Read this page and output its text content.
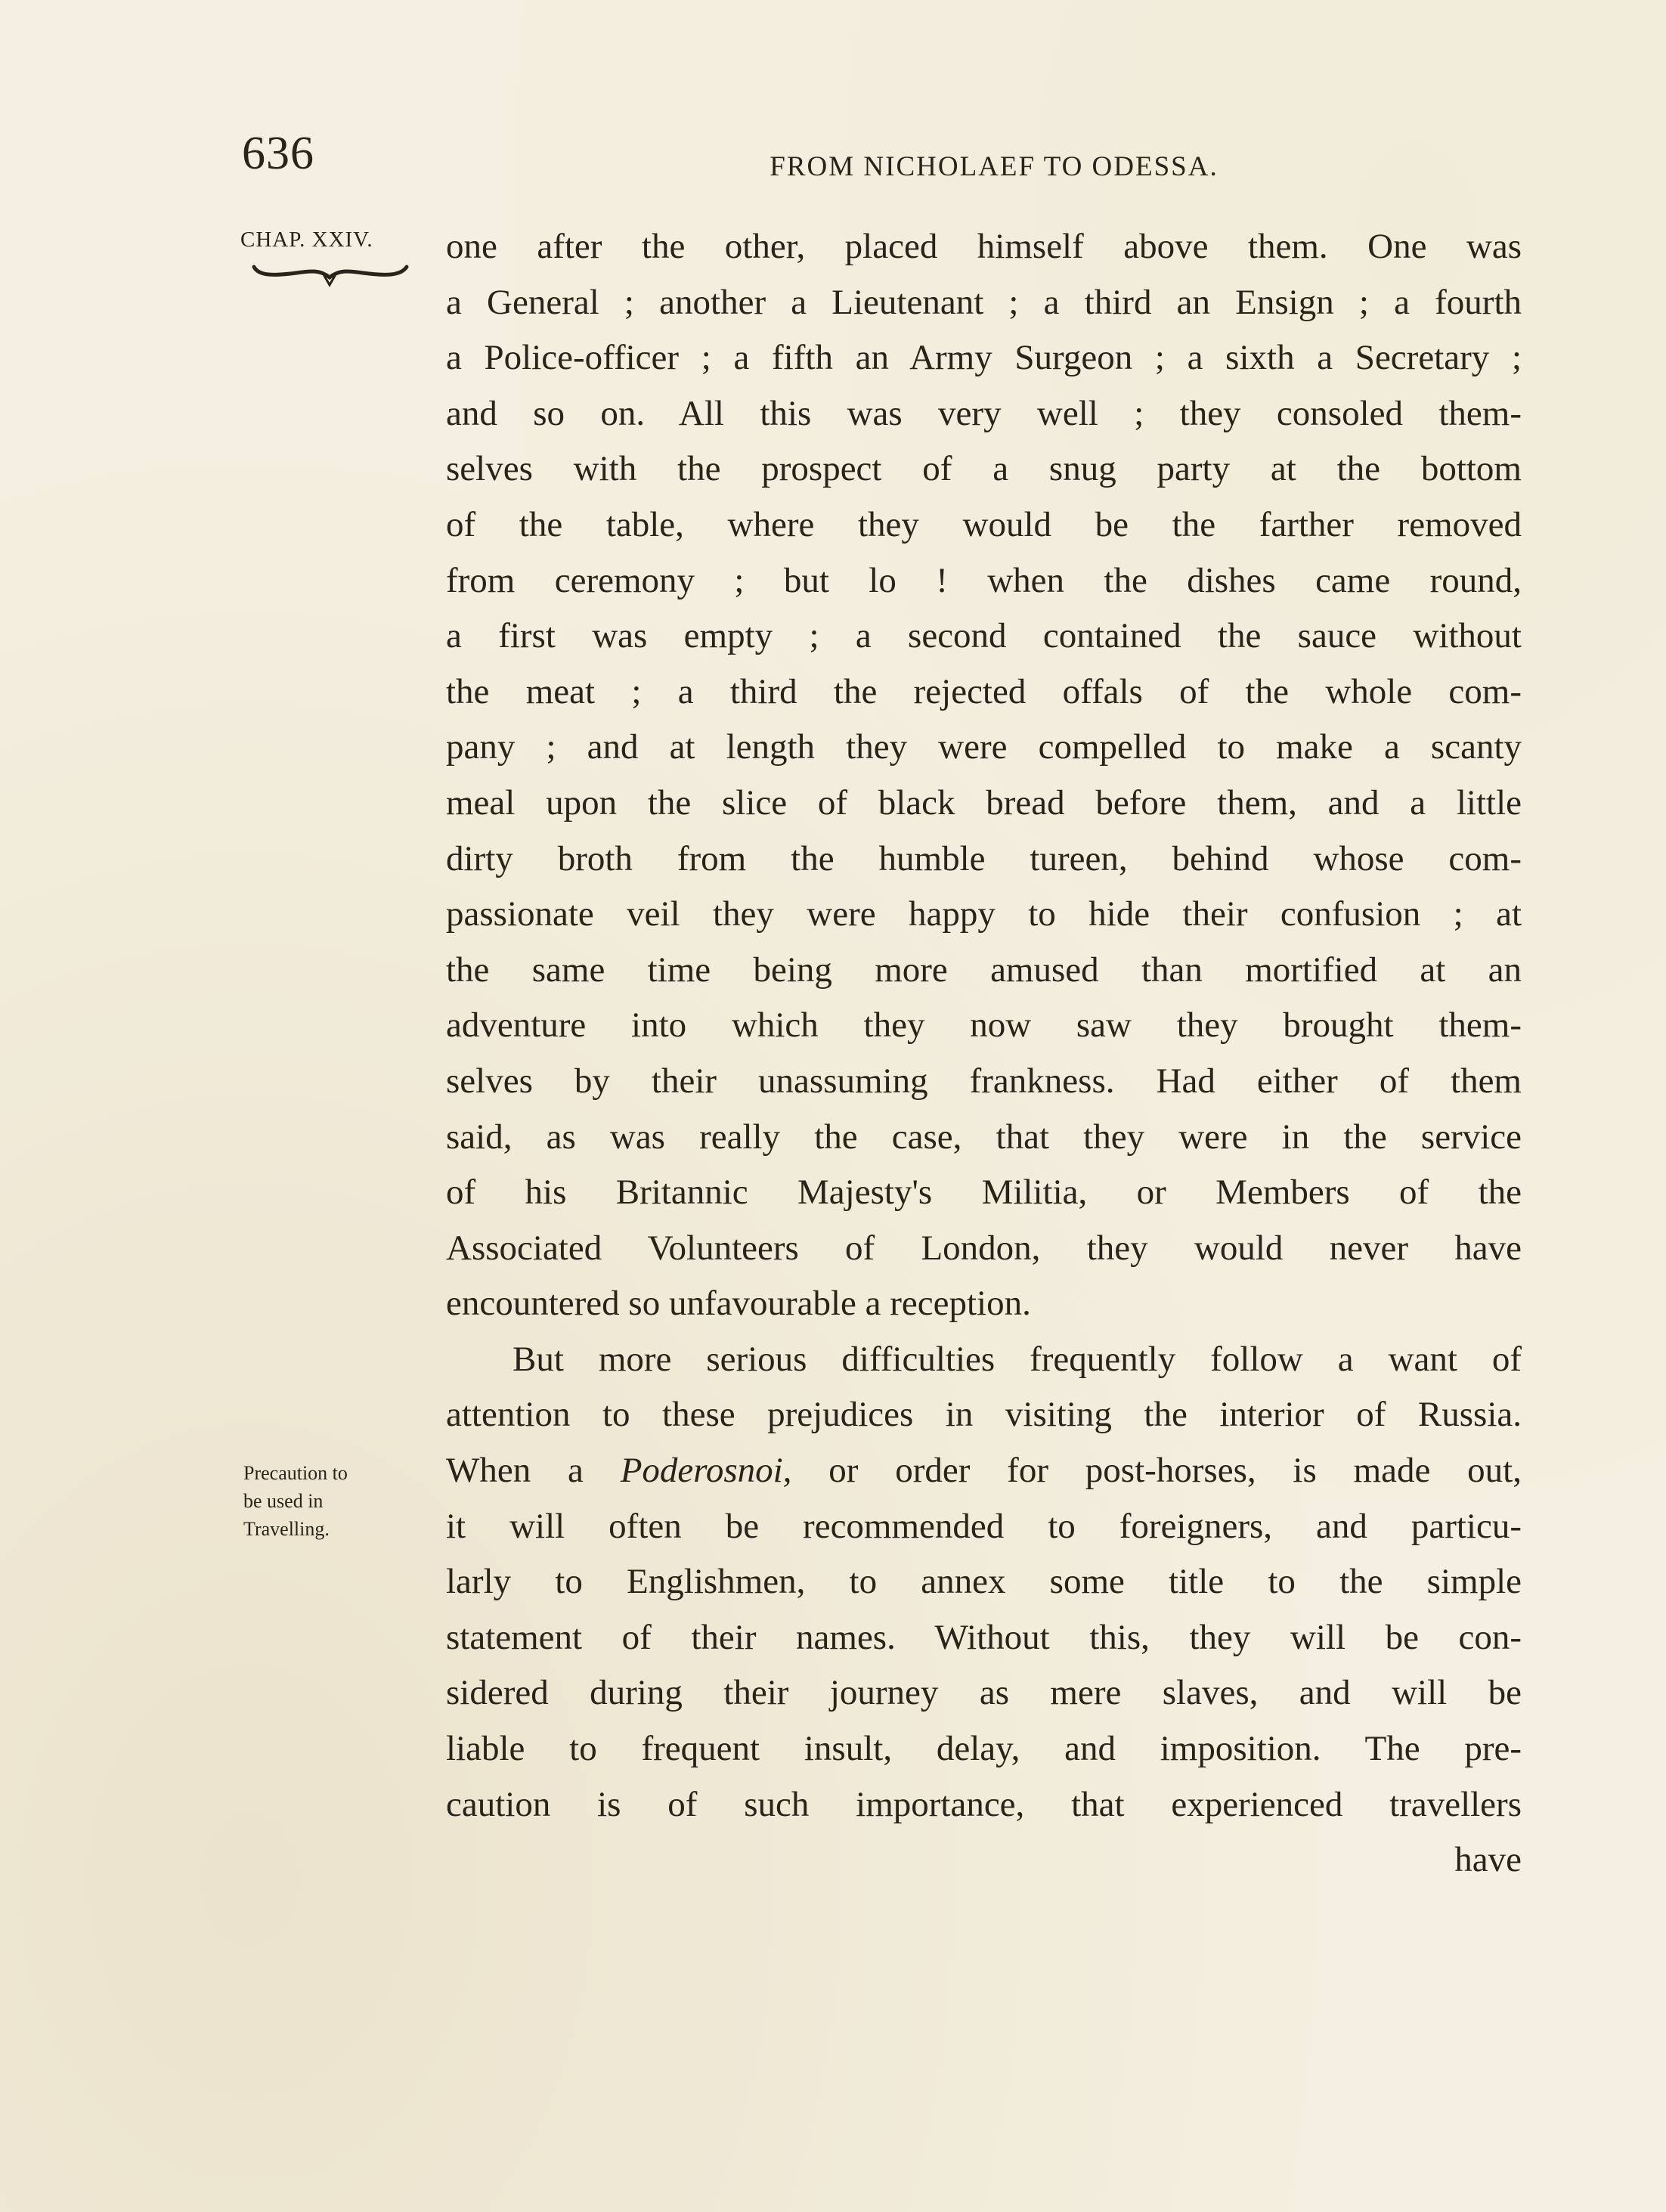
636	FROM NICHOLAEF TO ODESSA.
CHAP. XXIV.
Precaution to
be used in
Travelling.
one after the other, placed himself above them. One was
a General ; another a Lieutenant ; a third an Ensign ; a fourth
a Police-officer ; a fifth an Army Surgeon ; a sixth a Secretary ;
and so on. All this was very well ; they consoled them-
selves with the prospect of a snug party at the bottom
of the table, where they would be the farther removed
from ceremony ; but lo ! when the dishes came round,
a first was empty ; a second contained the sauce without
the meat ; a third the rejected offals of the whole com-
pany ; and at length they were compelled to make a scanty
meal upon the slice of black bread before them, and a little
dirty broth from the humble tureen, behind whose com-
passionate veil they were happy to hide their confusion ; at
the same time being more amused than mortified at an
adventure into which they now saw they brought them-
selves by their unassuming frankness. Had either of them
said, as was really the case, that they were in the service
of his Britannic Majesty's Militia, or Members of the
Associated Volunteers of London, they would never have
encountered so unfavourable a reception.
But more serious difficulties frequently follow a want of
attention to these prejudices in visiting the interior of Russia.
When a Poderosnoi, or order for post-horses, is made out,
it will often be recommended to foreigners, and particu-
larly to Englishmen, to annex some title to the simple
statement of their names. Without this, they will be con-
sidered during their journey as mere slaves, and will be
liable to frequent insult, delay, and imposition. The pre-
caution is of such importance, that experienced travellers
have
